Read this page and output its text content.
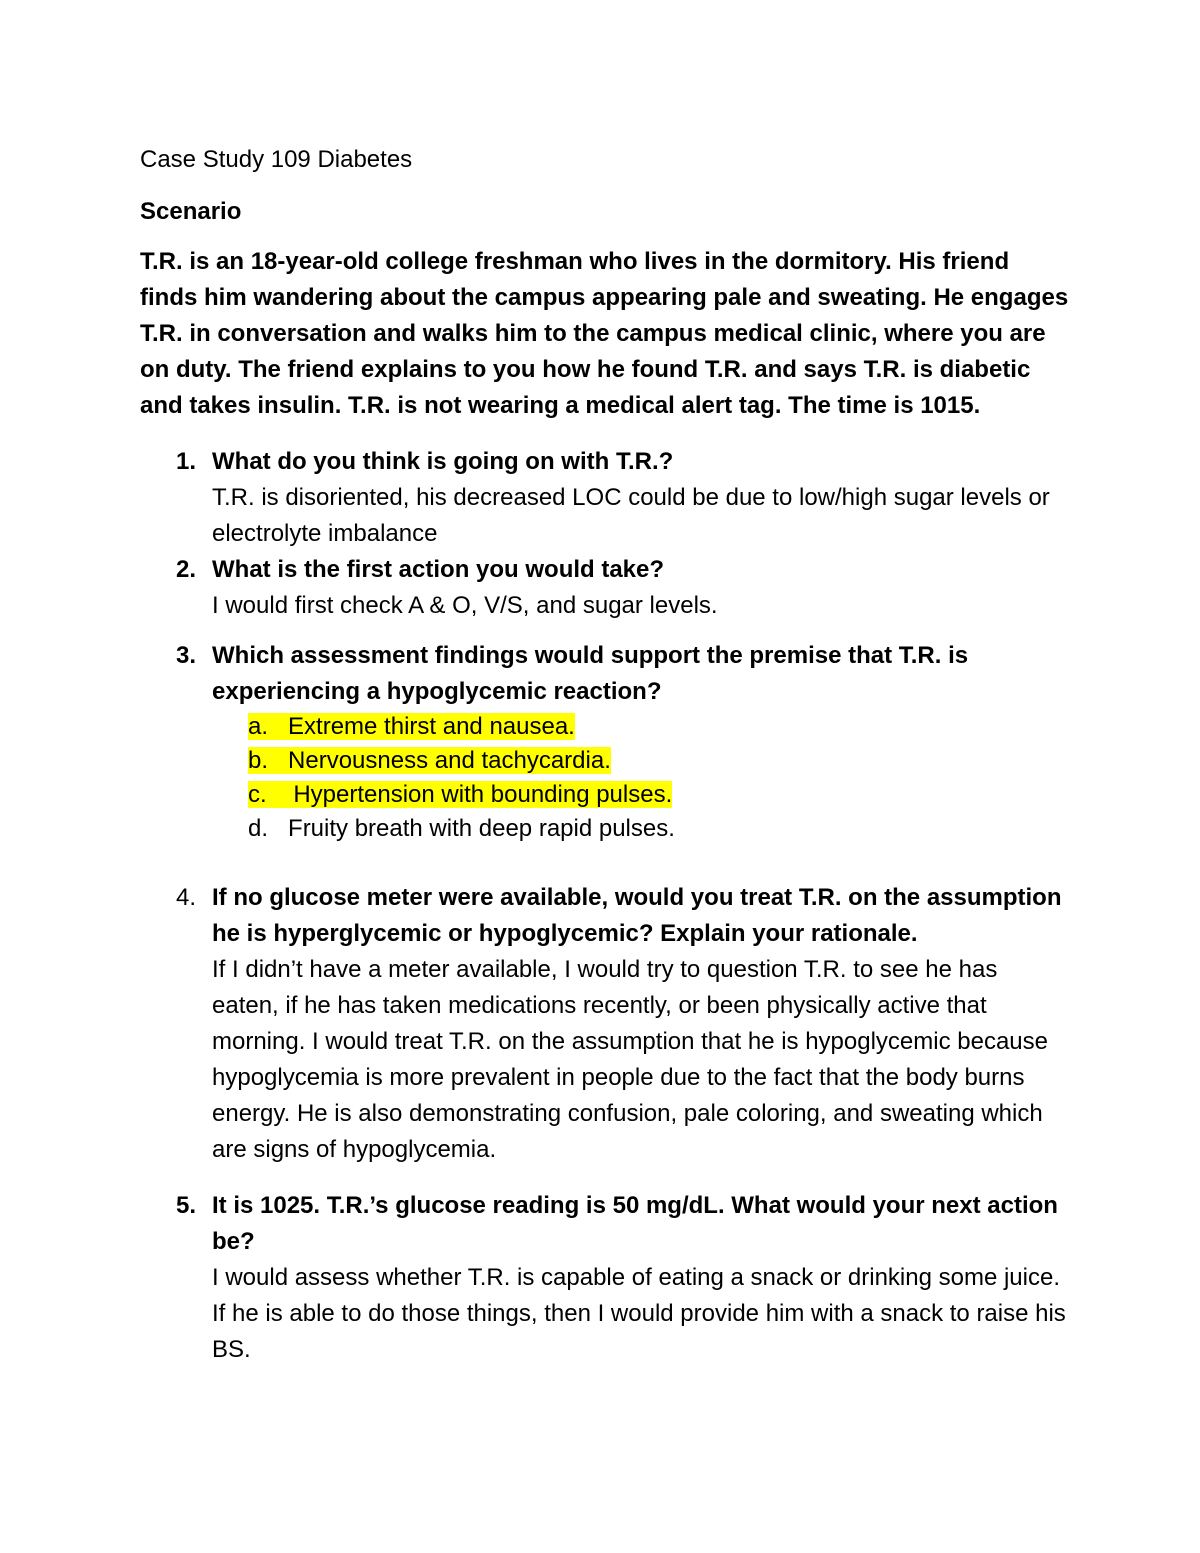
Case Study 109 Diabetes
Scenario
T.R. is an 18-year-old college freshman who lives in the dormitory. His friend finds him wandering about the campus appearing pale and sweating. He engages T.R. in conversation and walks him to the campus medical clinic, where you are on duty. The friend explains to you how he found T.R. and says T.R. is diabetic and takes insulin. T.R. is not wearing a medical alert tag. The time is 1015.
1. What do you think is going on with T.R.?
T.R. is disoriented, his decreased LOC could be due to low/high sugar levels or electrolyte imbalance
2. What is the first action you would take?
I would first check A & O, V/S, and sugar levels.
3. Which assessment findings would support the premise that T.R. is experiencing a hypoglycemic reaction?
a. Extreme thirst and nausea.
b. Nervousness and tachycardia.
c. Hypertension with bounding pulses.
d. Fruity breath with deep rapid pulses.
4. If no glucose meter were available, would you treat T.R. on the assumption he is hyperglycemic or hypoglycemic? Explain your rationale.
If I didn’t have a meter available, I would try to question T.R. to see he has eaten, if he has taken medications recently, or been physically active that morning. I would treat T.R. on the assumption that he is hypoglycemic because hypoglycemia is more prevalent in people due to the fact that the body burns energy. He is also demonstrating confusion, pale coloring, and sweating which are signs of hypoglycemia.
5. It is 1025. T.R.’s glucose reading is 50 mg/dL. What would your next action be?
I would assess whether T.R. is capable of eating a snack or drinking some juice. If he is able to do those things, then I would provide him with a snack to raise his BS.
